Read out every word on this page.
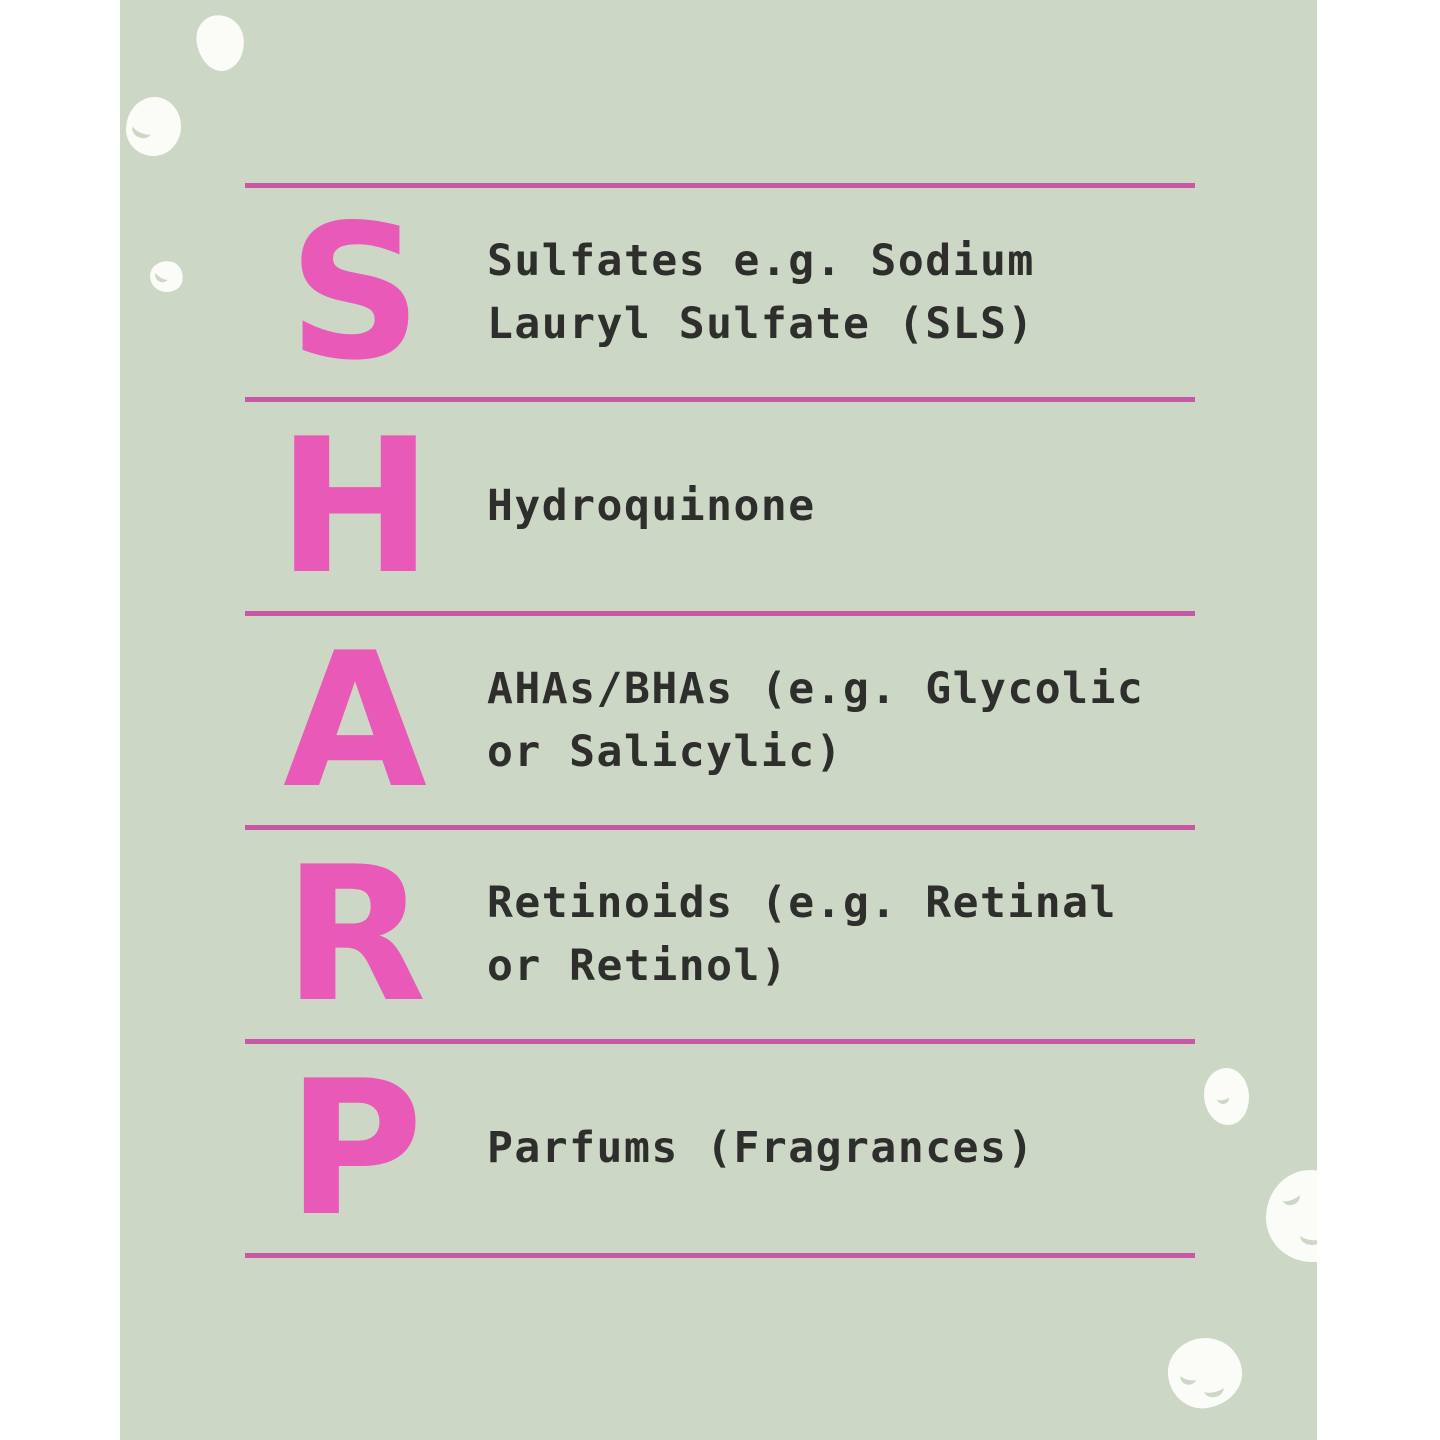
S	Sulfates e.g. Sodium
Lauryl Sulfate (SLS)
H	Hydroquinone
A	AHAs/BHAs (e.g. Glycolic
or Salicylic)
R	Retinoids (e.g. Retinal
or Retinol)
P	Parfums (Fragrances)
